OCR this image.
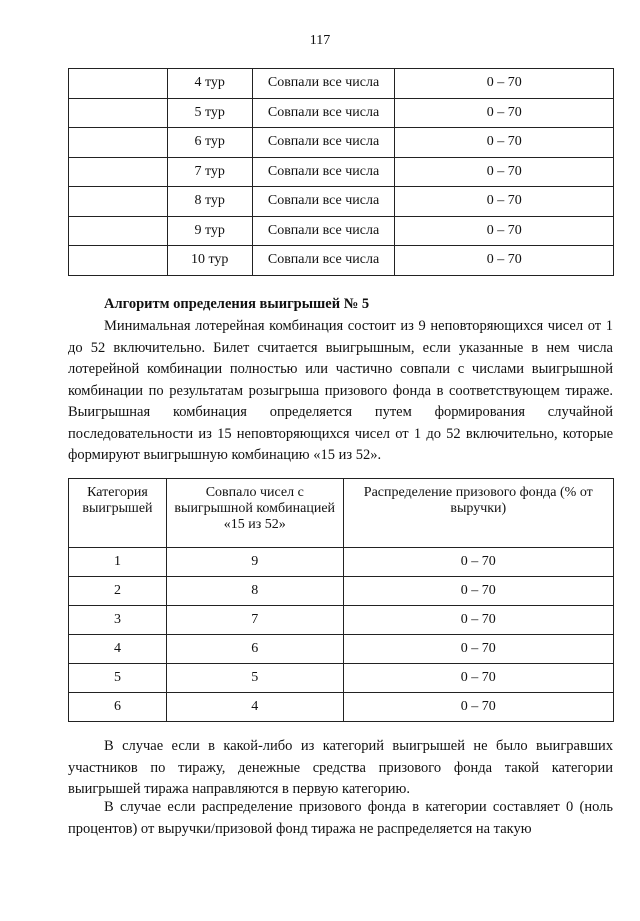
117
	4 тур	Совпали все числа	0 – 70
	5 тур	Совпали все числа	0 – 70
	6 тур	Совпали все числа	0 – 70
	7 тур	Совпали все числа	0 – 70
	8 тур	Совпали все числа	0 – 70
	9 тур	Совпали все числа	0 – 70
	10 тур	Совпали все числа	0 – 70
Алгоритм определения выигрышей № 5
Минимальная лотерейная комбинация состоит из 9 неповторяющихся чисел от 1 до 52 включительно. Билет считается выигрышным, если указанные в нем числа лотерейной комбинации полностью или частично совпали с числами выигрышной комбинации по результатам розыгрыша призового фонда в соответствующем тираже. Выигрышная комбинация определяется путем формирования случайной последовательности из 15 неповторяющихся чисел от 1 до 52 включительно, которые формируют выигрышную комбинацию «15 из 52».
Категория выигрышей	Совпало чисел с выигрышной комбинацией «15 из 52»	Распределение призового фонда (% от выручки)
1	9	0 – 70
2	8	0 – 70
3	7	0 – 70
4	6	0 – 70
5	5	0 – 70
6	4	0 – 70
В случае если в какой-либо из категорий выигрышей не было выигравших участников по тиражу, денежные средства призового фонда такой категории выигрышей тиража направляются в первую категорию.
В случае если распределение призового фонда в категории составляет 0 (ноль процентов) от выручки/призовой фонд тиража не распределяется на такую
